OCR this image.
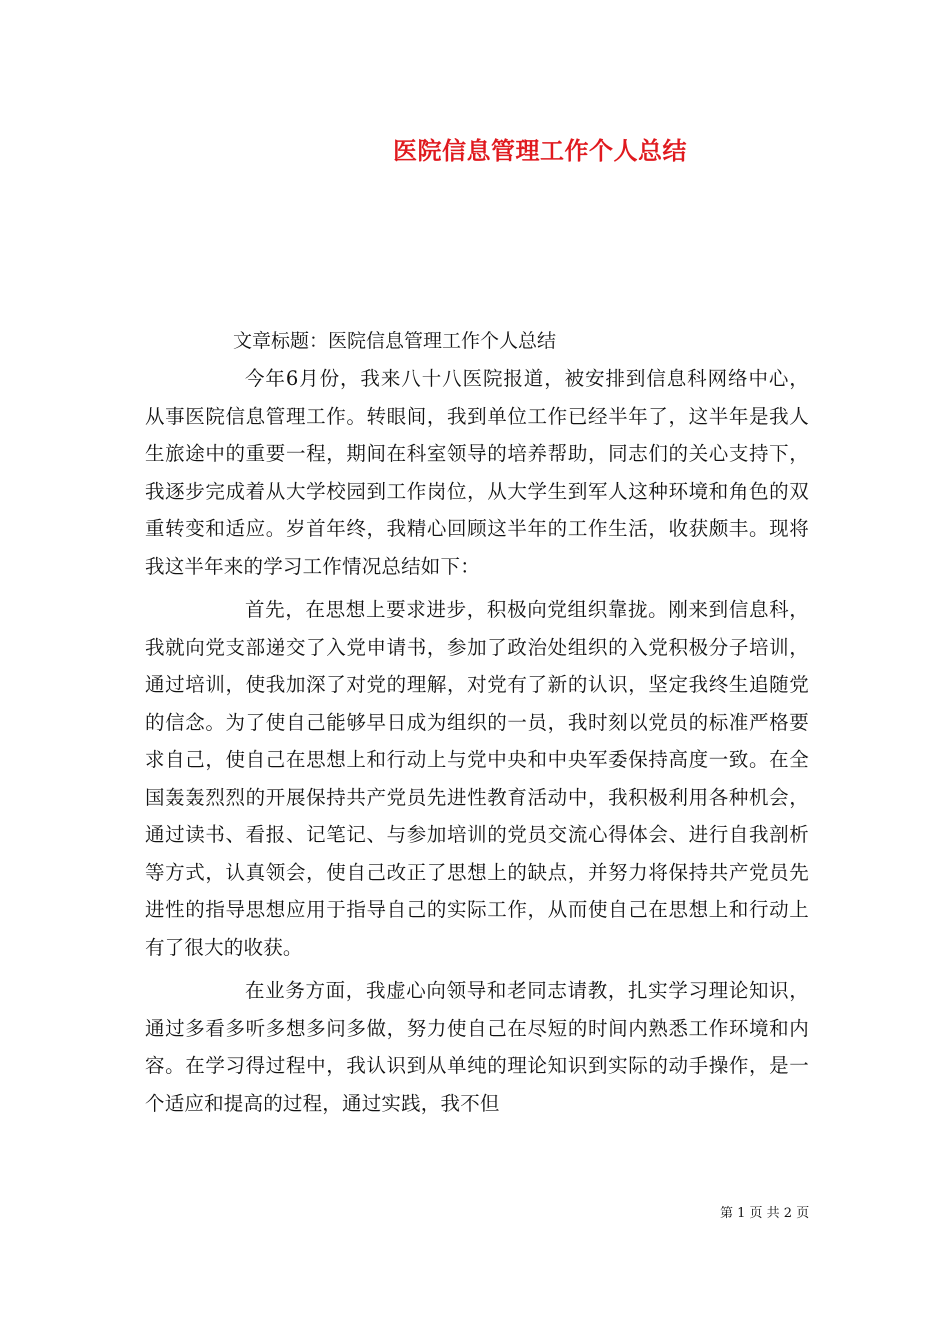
医院信息管理工作个人总结

文章标题：医院信息管理工作个人总结

今年6月份，我来八十八医院报道，被安排到信息科网络中心，从事医院信息管理工作。转眼间，我到单位工作已经半年了，这半年是我人生旅途中的重要一程，期间在科室领导的培养帮助，同志们的关心支持下，我逐步完成着从大学校园到工作岗位，从大学生到军人这种环境和角色的双重转变和适应。岁首年终，我精心回顾这半年的工作生活，收获颇丰。现将我这半年来的学习工作情况总结如下：

首先，在思想上要求进步，积极向党组织靠拢。刚来到信息科，我就向党支部递交了入党申请书，参加了政治处组织的入党积极分子培训，通过培训，使我加深了对党的理解，对党有了新的认识，坚定我终生追随党的信念。为了使自己能够早日成为组织的一员，我时刻以党员的标准严格要求自己，使自己在思想上和行动上与党中央和中央军委保持高度一致。在全国轰轰烈烈的开展保持共产党员先进性教育活动中，我积极利用各种机会，通过读书、看报、记笔记、与参加培训的党员交流心得体会、进行自我剖析等方式，认真领会，使自己改正了思想上的缺点，并努力将保持共产党员先进性的指导思想应用于指导自己的实际工作，从而使自己在思想上和行动上有了很大的收获。

在业务方面，我虚心向领导和老同志请教，扎实学习理论知识，通过多看多听多想多问多做，努力使自己在尽短的时间内熟悉工作环境和内容。在学习得过程中，我认识到从单纯的理论知识到实际的动手操作，是一个适应和提高的过程，通过实践，我不但

第 1 页 共 2 页
